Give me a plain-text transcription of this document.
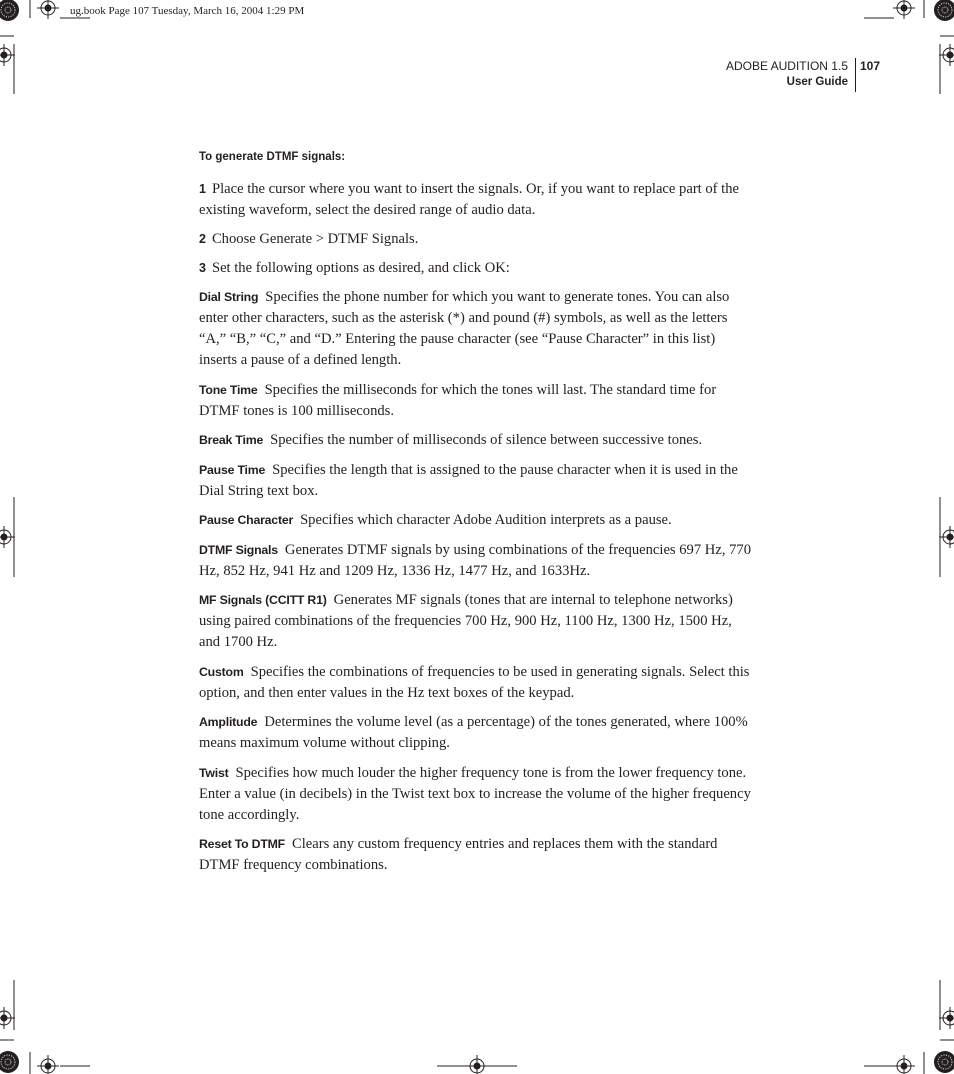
ug.book Page 107 Tuesday, March 16, 2004 1:29 PM
ADOBE AUDITION 1.5
User Guide
107
To generate DTMF signals:

1 Place the cursor where you want to insert the signals. Or, if you want to replace part of the existing waveform, select the desired range of audio data.

2 Choose Generate > DTMF Signals.

3 Set the following options as desired, and click OK:

Dial String Specifies the phone number for which you want to generate tones. You can also enter other characters, such as the asterisk (*) and pound (#) symbols, as well as the letters “A,” “B,” “C,” and “D.” Entering the pause character (see “Pause Character” in this list) inserts a pause of a defined length.

Tone Time Specifies the milliseconds for which the tones will last. The standard time for DTMF tones is 100 milliseconds.

Break Time Specifies the number of milliseconds of silence between successive tones.

Pause Time Specifies the length that is assigned to the pause character when it is used in the Dial String text box.

Pause Character Specifies which character Adobe Audition interprets as a pause.

DTMF Signals Generates DTMF signals by using combinations of the frequencies 697 Hz, 770 Hz, 852 Hz, 941 Hz and 1209 Hz, 1336 Hz, 1477 Hz, and 1633Hz.

MF Signals (CCITT R1) Generates MF signals (tones that are internal to telephone networks) using paired combinations of the frequencies 700 Hz, 900 Hz, 1100 Hz, 1300 Hz, 1500 Hz, and 1700 Hz.

Custom Specifies the combinations of frequencies to be used in generating signals. Select this option, and then enter values in the Hz text boxes of the keypad.

Amplitude Determines the volume level (as a percentage) of the tones generated, where 100% means maximum volume without clipping.

Twist Specifies how much louder the higher frequency tone is from the lower frequency tone. Enter a value (in decibels) in the Twist text box to increase the volume of the higher frequency tone accordingly.

Reset To DTMF Clears any custom frequency entries and replaces them with the standard DTMF frequency combinations.
